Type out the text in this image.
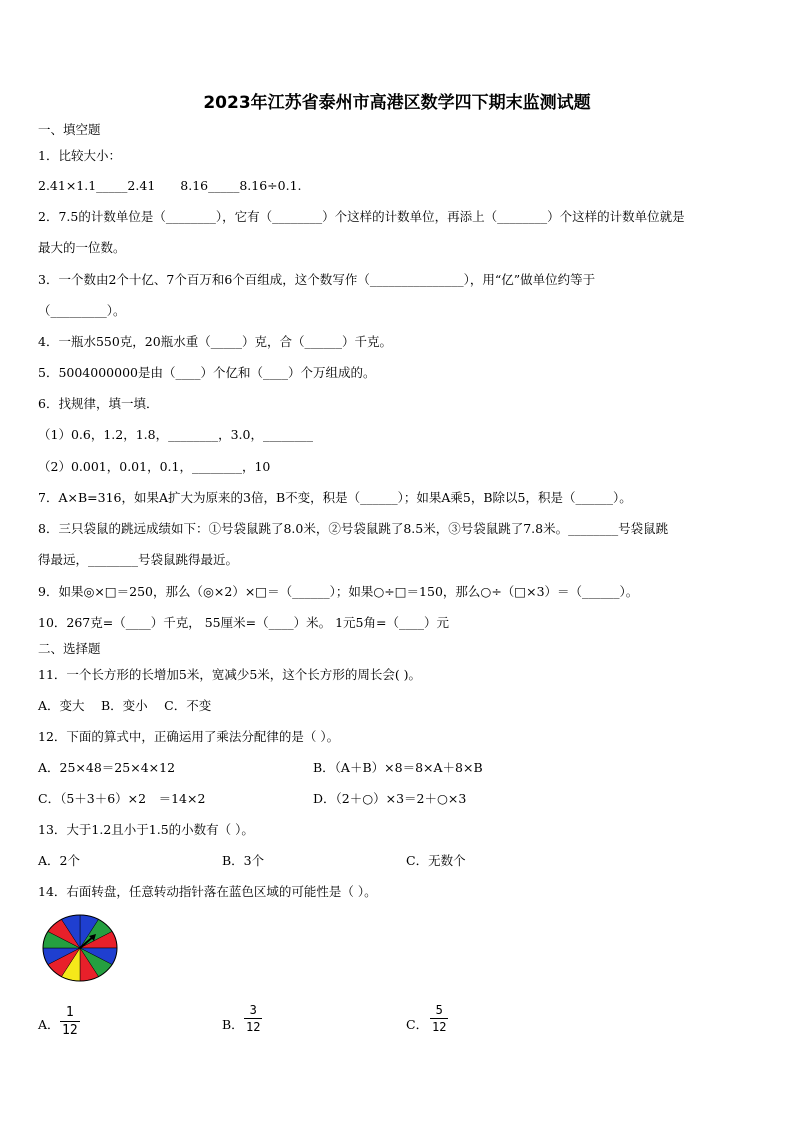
2023年江苏省泰州市高港区数学四下期末监测试题
一、填空题
1．比较大小：
2.41×1.1_____2.41　　8.16_____8.16÷0.1.
2．7.5的计数单位是（________），它有（________）个这样的计数单位，再添上（________）个这样的计数单位就是
最大的一位数。
3．一个数由2个十亿、7个百万和6个百组成，这个数写作（_______________），用“亿”做单位约等于
（_________）。
4．一瓶水550克，20瓶水重（_____）克，合（______）千克。
5．5004000000是由（____）个亿和（____）个万组成的。
6．找规律，填一填．
（1）0.6，1.2，1.8，________，3.0，________
（2）0.001，0.01，0.1，________，10
7．A×B=316，如果A扩大为原来的3倍，B不变，积是（______）；如果A乘5，B除以5，积是（______）。
8．三只袋鼠的跳远成绩如下：①号袋鼠跳了8.0米，②号袋鼠跳了8.5米，③号袋鼠跳了7.8米。________号袋鼠跳
得最远，________号袋鼠跳得最近。
9．如果◎×□＝250，那么（◎×2）×□＝（______）；如果○÷□＝150，那么○÷（□×3）＝（______）。
10．267克=（____）千克， 55厘米=（____）米。 1元5角=（____）元
二、选择题
11．一个长方形的长增加5米，宽减少5米，这个长方形的周长会( )。
A．变大　 B．变小　 C．不变
12．下面的算式中，正确运用了乘法分配律的是（ ）。
A．25×48＝25×4×12	B．（A＋B）×8＝8×A＋8×B
C．（5＋3＋6）×2　＝14×2	D．（2＋○）×3＝2＋○×3
13．大于1.2且小于1.5的小数有（ ）。
A．2个	B．3个	C．无数个
14．右面转盘，任意转动指针落在蓝色区域的可能性是（ ）。
A．
1
12	B．
3
12	C．
5
12
